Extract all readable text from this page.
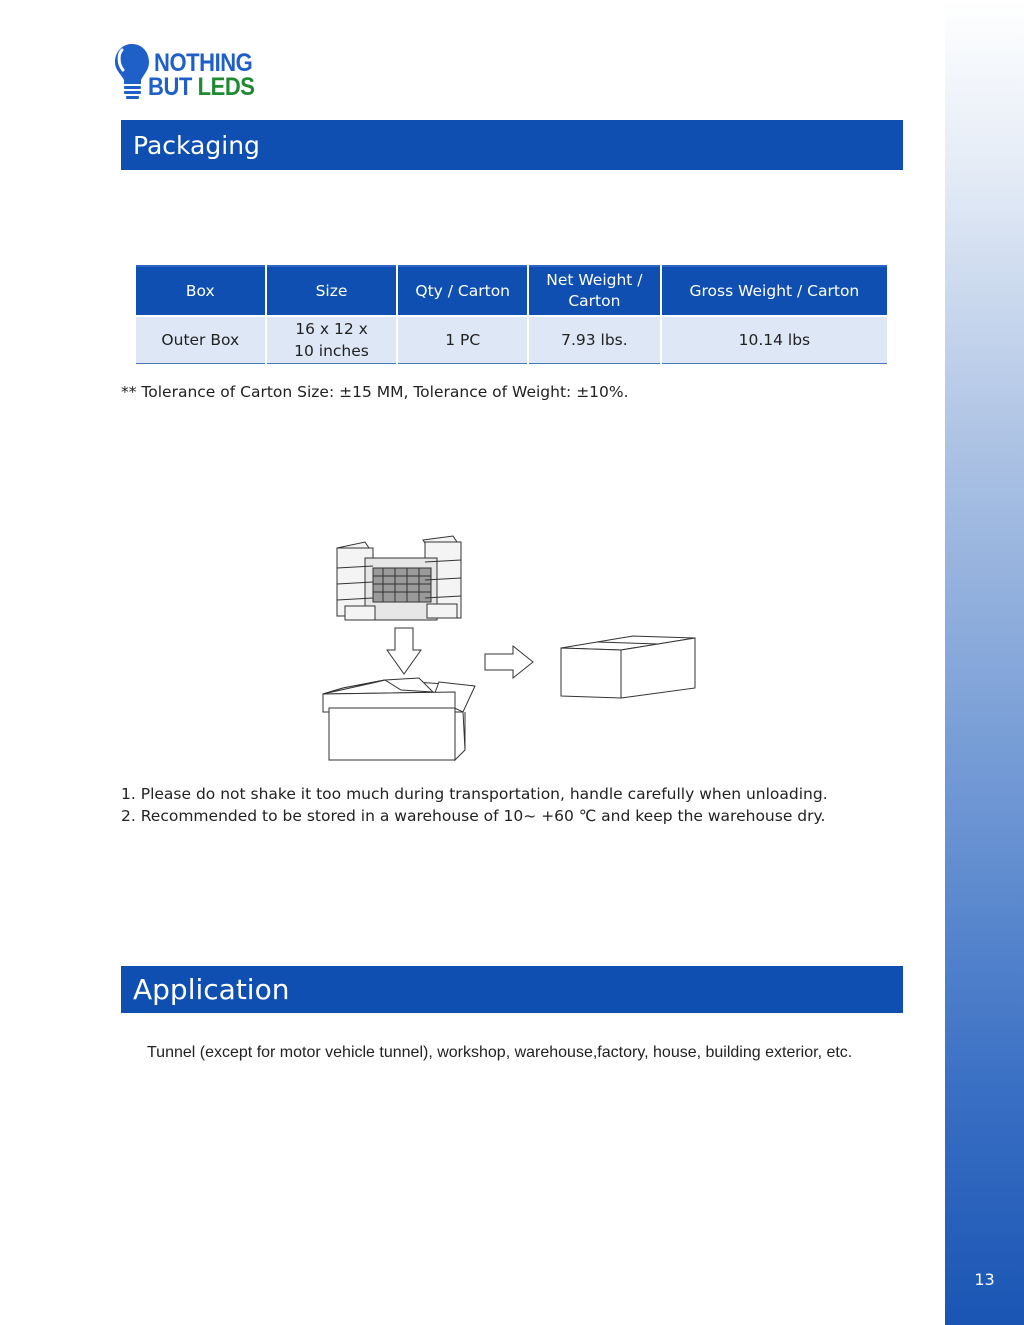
13
NOTHING
BUT LEDS
Packaging
Box	Size	Qty / Carton	Net Weight / Carton	Gross Weight / Carton
Outer Box	16 x 12 x 10 inches	1 PC	7.93 lbs.	10.14 lbs
** Tolerance of Carton Size: ±15 MM, Tolerance of Weight: ±10%.

1. Please do not shake it too much during transportation, handle carefully when unloading.

2. Recommended to be stored in a warehouse of 10~ +60 ℃ and keep the warehouse dry.

Application
Tunnel (except for motor vehicle tunnel), workshop, warehouse,factory, house, building exterior, etc.
